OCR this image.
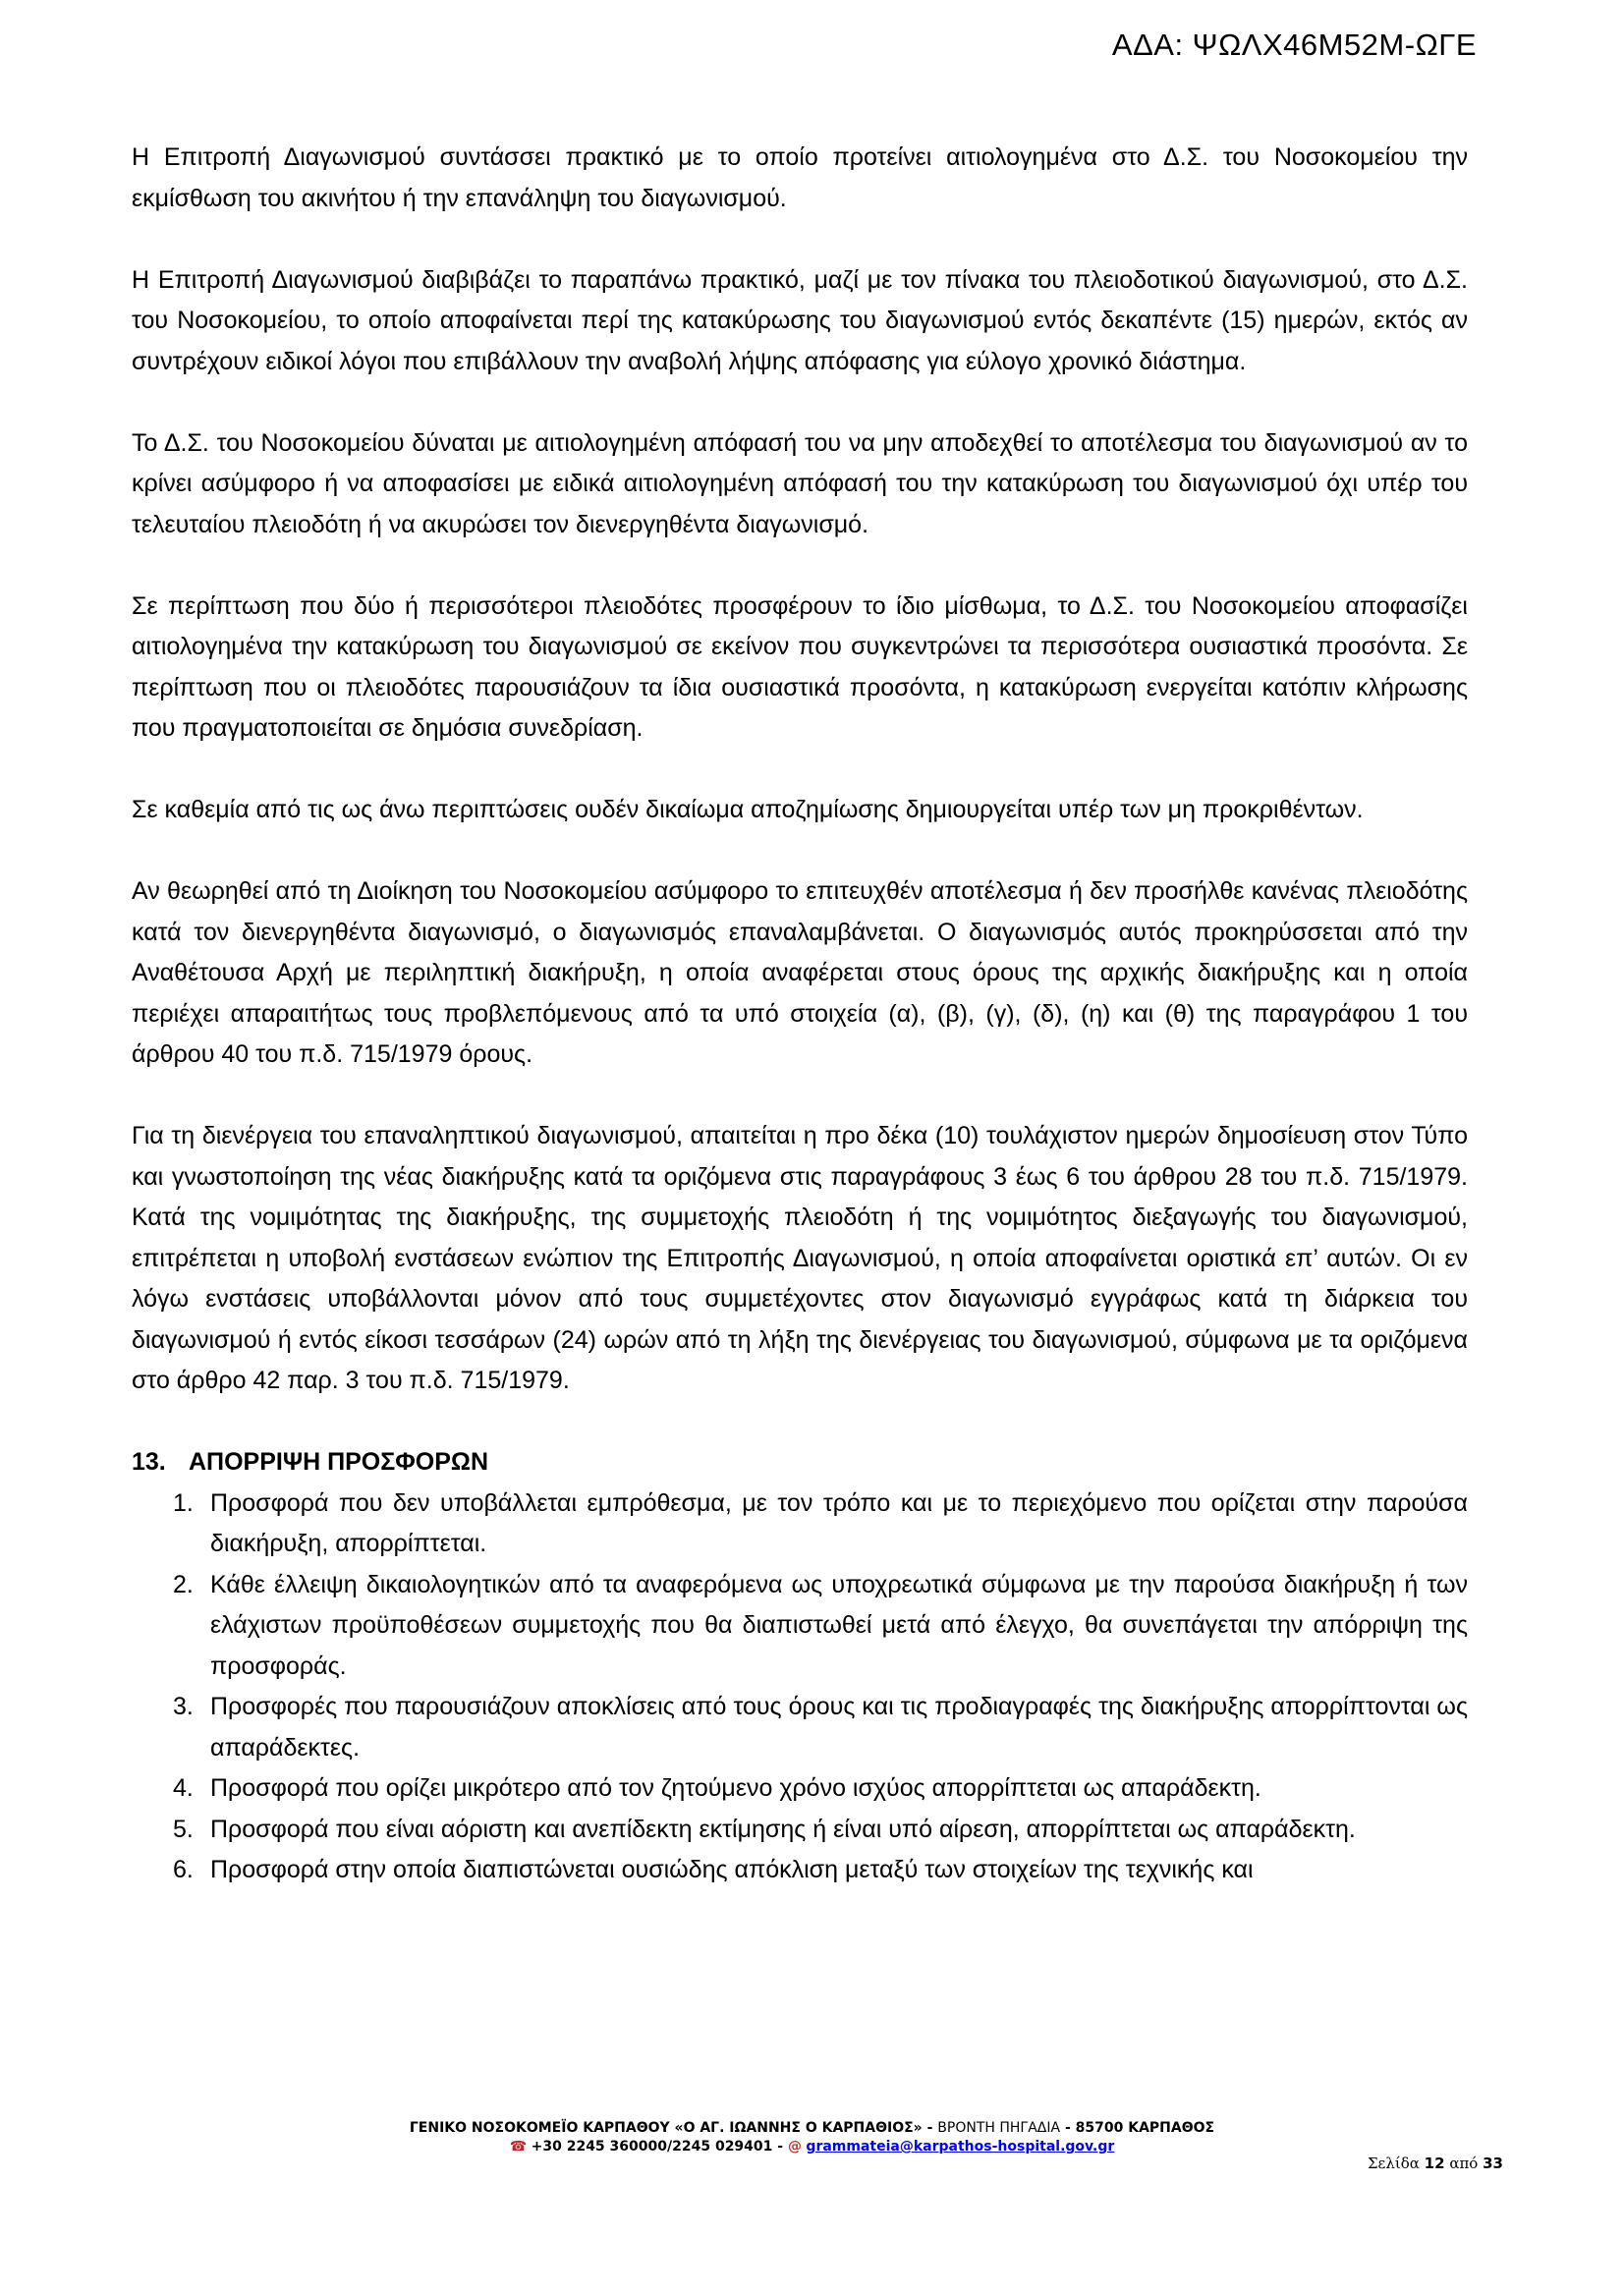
ΑΔΑ: ΨΩΛΧ46Μ52Μ-ΩΓΕ

Η Επιτροπή Διαγωνισμού συντάσσει πρακτικό με το οποίο προτείνει αιτιολογημένα στο Δ.Σ. του Νοσοκομείου την εκμίσθωση του ακινήτου ή την επανάληψη του διαγωνισμού.

Η Επιτροπή Διαγωνισμού διαβιβάζει το παραπάνω πρακτικό, μαζί με τον πίνακα του πλειοδοτικού διαγωνισμού, στο Δ.Σ. του Νοσοκομείου, το οποίο αποφαίνεται περί της κατακύρωσης του διαγωνισμού εντός δεκαπέντε (15) ημερών, εκτός αν συντρέχουν ειδικοί λόγοι που επιβάλλουν την αναβολή λήψης απόφασης για εύλογο χρονικό διάστημα.

Το Δ.Σ. του Νοσοκομείου δύναται με αιτιολογημένη απόφασή του να μην αποδεχθεί το αποτέλεσμα του διαγωνισμού αν το κρίνει ασύμφορο ή να αποφασίσει με ειδικά αιτιολογημένη απόφασή του την κατακύρωση του διαγωνισμού όχι υπέρ του τελευταίου πλειοδότη ή να ακυρώσει τον διενεργηθέντα διαγωνισμό.

Σε περίπτωση που δύο ή περισσότεροι πλειοδότες προσφέρουν το ίδιο μίσθωμα, το Δ.Σ. του Νοσοκομείου αποφασίζει αιτιολογημένα την κατακύρωση του διαγωνισμού σε εκείνον που συγκεντρώνει τα περισσότερα ουσιαστικά προσόντα. Σε περίπτωση που οι πλειοδότες παρουσιάζουν τα ίδια ουσιαστικά προσόντα, η κατακύρωση ενεργείται κατόπιν κλήρωσης που πραγματοποιείται σε δημόσια συνεδρίαση.

Σε καθεμία από τις ως άνω περιπτώσεις ουδέν δικαίωμα αποζημίωσης δημιουργείται υπέρ των μη προκριθέντων.

Αν θεωρηθεί από τη Διοίκηση του Νοσοκομείου ασύμφορο το επιτευχθέν αποτέλεσμα ή δεν προσήλθε κανένας πλειοδότης κατά τον διενεργηθέντα διαγωνισμό, ο διαγωνισμός επαναλαμβάνεται. Ο διαγωνισμός αυτός προκηρύσσεται από την Αναθέτουσα Αρχή με περιληπτική διακήρυξη, η οποία αναφέρεται στους όρους της αρχικής διακήρυξης και η οποία περιέχει απαραιτήτως τους προβλεπόμενους από τα υπό στοιχεία (α), (β), (γ), (δ), (η) και (θ) της παραγράφου 1 του άρθρου 40 του π.δ. 715/1979 όρους.

Για τη διενέργεια του επαναληπτικού διαγωνισμού, απαιτείται η προ δέκα (10) τουλάχιστον ημερών δημοσίευση στον Τύπο και γνωστοποίηση της νέας διακήρυξης κατά τα οριζόμενα στις παραγράφους 3 έως 6 του άρθρου 28 του π.δ. 715/1979. Κατά της νομιμότητας της διακήρυξης, της συμμετοχής πλειοδότη ή της νομιμότητος διεξαγωγής του διαγωνισμού, επιτρέπεται η υποβολή ενστάσεων ενώπιον της Επιτροπής Διαγωνισμού, η οποία αποφαίνεται οριστικά επ’ αυτών. Οι εν λόγω ενστάσεις υποβάλλονται μόνον από τους συμμετέχοντες στον διαγωνισμό εγγράφως κατά τη διάρκεια του διαγωνισμού ή εντός είκοσι τεσσάρων (24) ωρών από τη λήξη της διενέργειας του διαγωνισμού, σύμφωνα με τα οριζόμενα στο άρθρο 42 παρ. 3 του π.δ. 715/1979.

13. ΑΠΟΡΡΙΨΗ ΠΡΟΣΦΟΡΩΝ
1. Προσφορά που δεν υποβάλλεται εμπρόθεσμα, με τον τρόπο και με το περιεχόμενο που ορίζεται στην παρούσα διακήρυξη, απορρίπτεται.
2. Κάθε έλλειψη δικαιολογητικών από τα αναφερόμενα ως υποχρεωτικά σύμφωνα με την παρούσα διακήρυξη ή των ελάχιστων προϋποθέσεων συμμετοχής που θα διαπιστωθεί μετά από έλεγχο, θα συνεπάγεται την απόρριψη της προσφοράς.
3. Προσφορές που παρουσιάζουν αποκλίσεις από τους όρους και τις προδιαγραφές της διακήρυξης απορρίπτονται ως απαράδεκτες.
4. Προσφορά που ορίζει μικρότερο από τον ζητούμενο χρόνο ισχύος απορρίπτεται ως απαράδεκτη.
5. Προσφορά που είναι αόριστη και ανεπίδεκτη εκτίμησης ή είναι υπό αίρεση, απορρίπτεται ως απαράδεκτη.
6. Προσφορά στην οποία διαπιστώνεται ουσιώδης απόκλιση μεταξύ των στοιχείων της τεχνικής και
ΓΕΝΙΚΟ ΝΟΣΟΚΟΜΕΪΟ ΚΑΡΠΑΘΟΥ «Ο ΑΓ. ΙΩΑΝΝΗΣ Ο ΚΑΡΠΑΘΙΟΣ» - ΒΡΟΝΤΗ ΠΗΓΑΔΙΑ - 85700 ΚΑΡΠΑΘΟΣ
☎ +30 2245 360000/2245 029401 - @ grammateia@karpathos-hospital.gov.gr
Σελίδα 12 από 33
